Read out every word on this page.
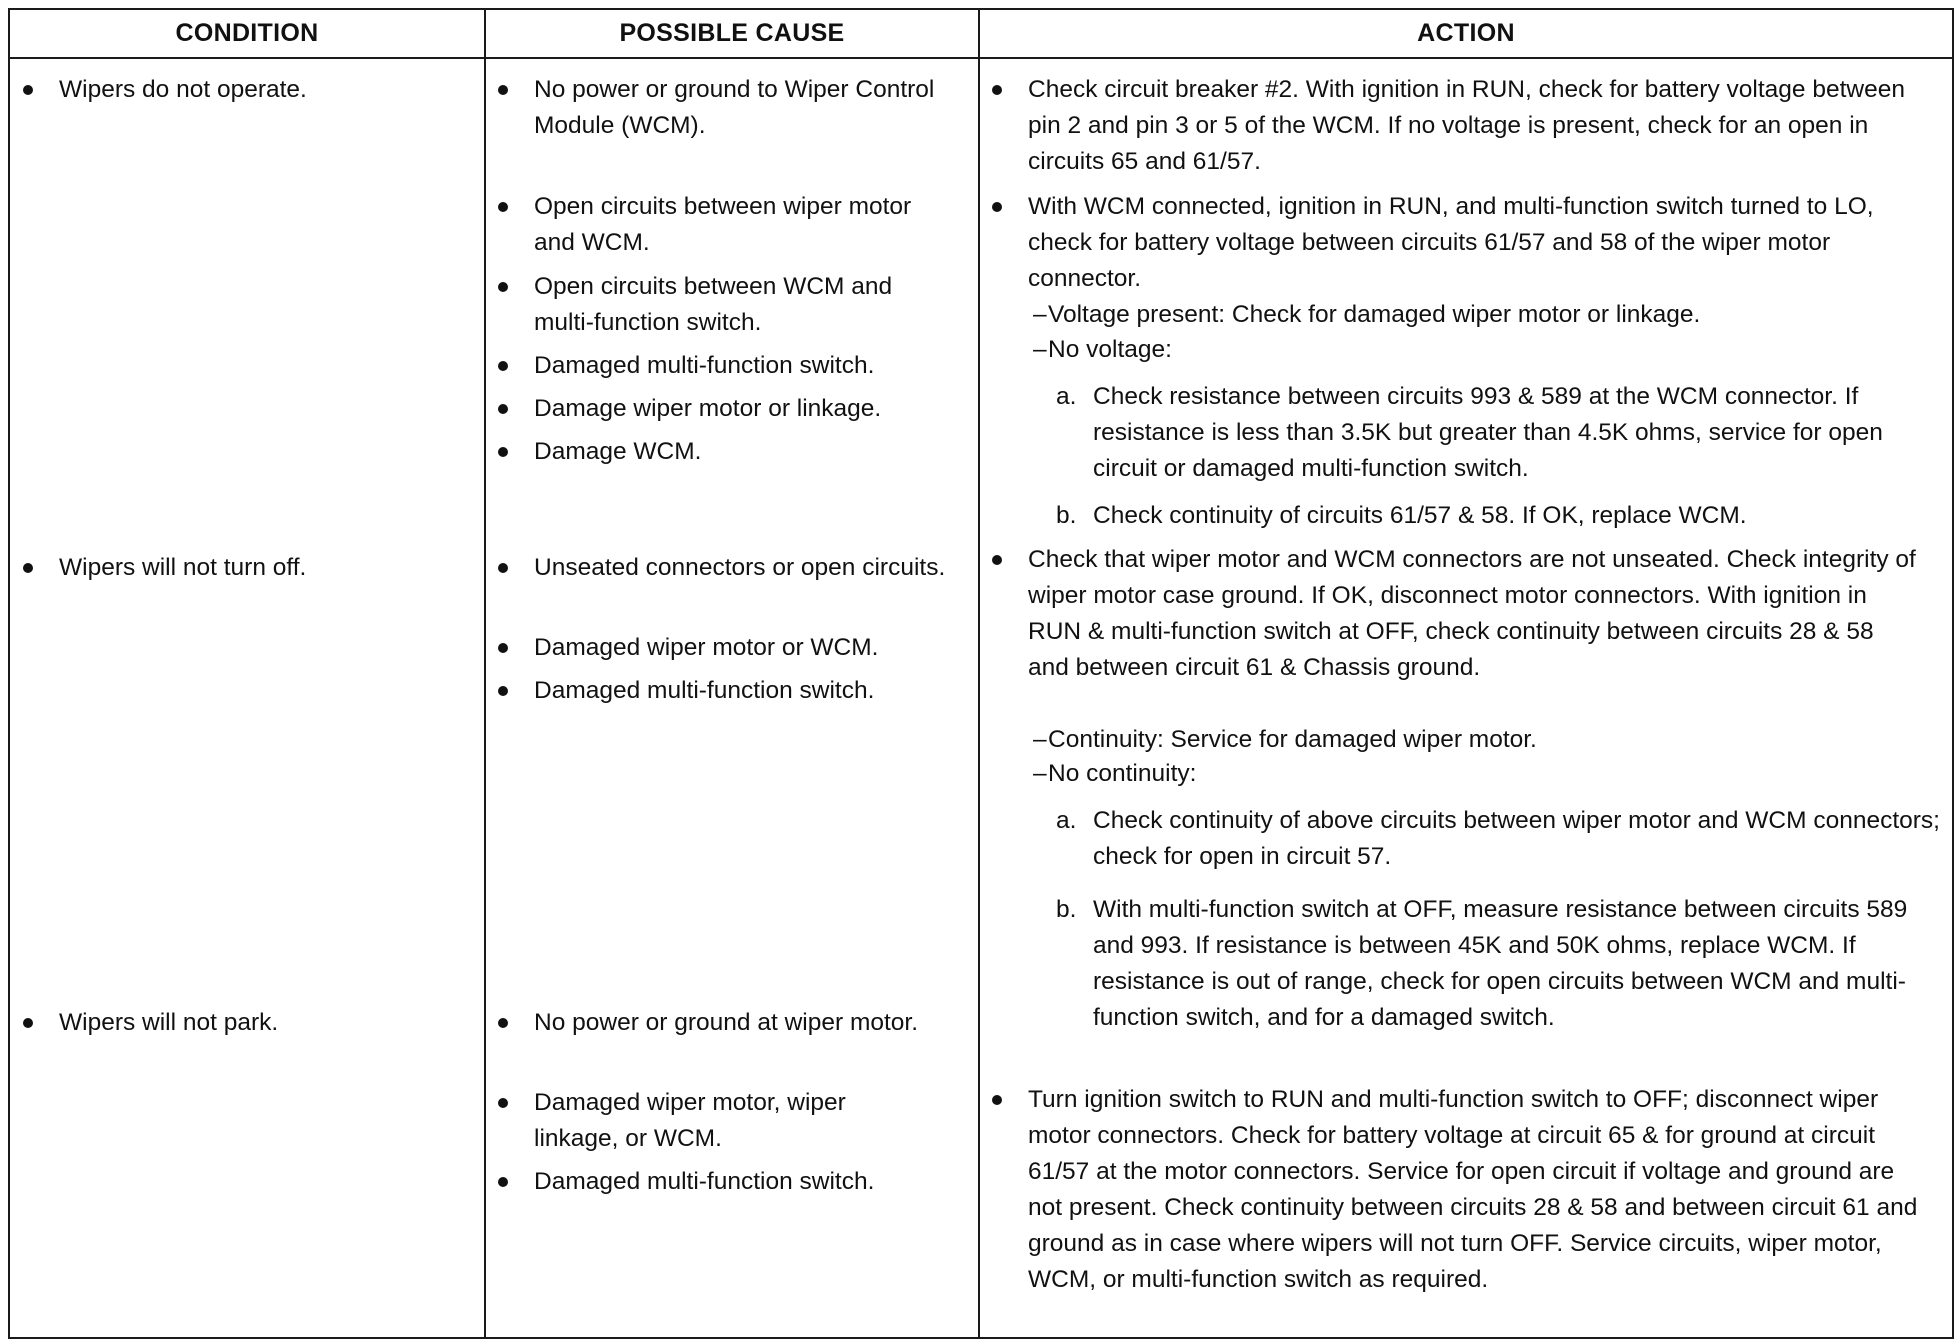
CONDITION	POSSIBLE CAUSE	ACTION
Wipers do not operate.
Wipers will not turn off.
Wipers will not park.
No power or ground to Wiper Control Module (WCM).
Open circuits between wiper motor and WCM.
Open circuits between WCM and multi-function switch.
Damaged multi-function switch.
Damage wiper motor or linkage.
Damage WCM.
Unseated connectors or open circuits.
Damaged wiper motor or WCM.
Damaged multi-function switch.
No power or ground at wiper motor.
Damaged wiper motor, wiper linkage, or WCM.
Damaged multi-function switch.
Check circuit breaker #2. With ignition in RUN, check for battery voltage between pin 2 and pin 3 or 5 of the WCM. If no voltage is present, check for an open in circuits 65 and 61/57.
With WCM connected, ignition in RUN, and multi-function switch turned to LO, check for battery voltage between circuits 61/57 and 58 of the wiper motor connector.
– Voltage present: Check for damaged wiper motor or linkage.
– No voltage:
a. Check resistance between circuits 993 & 589 at the WCM connector. If resistance is less than 3.5K but greater than 4.5K ohms, service for open circuit or damaged multi-function switch.
b. Check continuity of circuits 61/57 & 58. If OK, replace WCM.
Check that wiper motor and WCM connectors are not unseated. Check integrity of wiper motor case ground. If OK, disconnect motor connectors. With ignition in RUN & multi-function switch at OFF, check continuity between circuits 28 & 58 and between circuit 61 & Chassis ground.
– Continuity: Service for damaged wiper motor.
– No continuity:
a. Check continuity of above circuits between wiper motor and WCM connectors; check for open in circuit 57.
b. With multi-function switch at OFF, measure resistance between circuits 589 and 993. If resistance is between 45K and 50K ohms, replace WCM. If resistance is out of range, check for open circuits between WCM and multi-function switch, and for a damaged switch.
Turn ignition switch to RUN and multi-function switch to OFF; disconnect wiper motor connectors. Check for battery voltage at circuit 65 & for ground at circuit 61/57 at the motor connectors. Service for open circuit if voltage and ground are not present. Check continuity between circuits 28 & 58 and between circuit 61 and ground as in case where wipers will not turn OFF. Service circuits, wiper motor, WCM, or multi-function switch as required.
